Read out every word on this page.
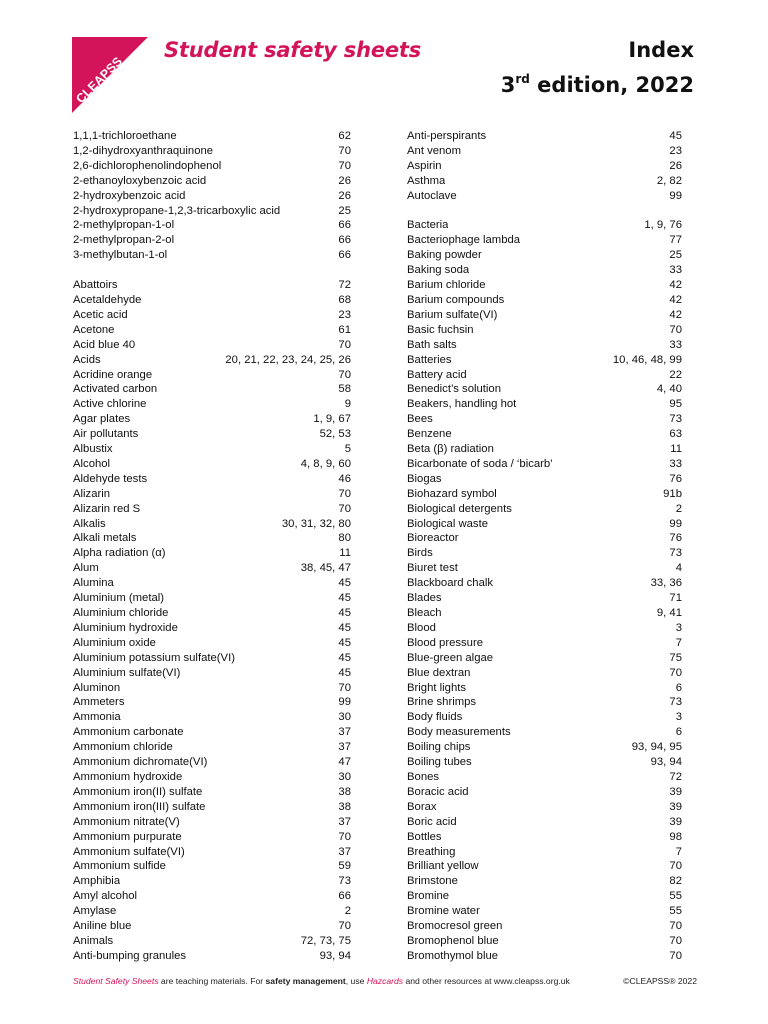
CLEAPSS
Student safety sheets	Index
3rd edition, 2022
1,1,1-trichloroethane	62
1,2-dihydroxyanthraquinone	70
2,6-dichlorophenolindophenol	70
2-ethanoyloxybenzoic acid	26
2-hydroxybenzoic acid	26
2-hydroxypropane-1,2,3-tricarboxylic acid	25
2-methylpropan-1-ol	66
2-methylpropan-2-ol	66
3-methylbutan-1-ol	66
Abattoirs	72
Acetaldehyde	68
Acetic acid	23
Acetone	61
Acid blue 40	70
Acids	20, 21, 22, 23, 24, 25, 26
Acridine orange	70
Activated carbon	58
Active chlorine	9
Agar plates	1, 9, 67
Air pollutants	52, 53
Albustix	5
Alcohol	4, 8, 9, 60
Aldehyde tests	46
Alizarin	70
Alizarin red S	70
Alkalis	30, 31, 32, 80
Alkali metals	80
Alpha radiation (α)	11
Alum	38, 45, 47
Alumina	45
Aluminium (metal)	45
Aluminium chloride	45
Aluminium hydroxide	45
Aluminium oxide	45
Aluminium potassium sulfate(VI)	45
Aluminium sulfate(VI)	45
Aluminon	70
Ammeters	99
Ammonia	30
Ammonium carbonate	37
Ammonium chloride	37
Ammonium dichromate(VI)	47
Ammonium hydroxide	30
Ammonium iron(II) sulfate	38
Ammonium iron(III) sulfate	38
Ammonium nitrate(V)	37
Ammonium purpurate	70
Ammonium sulfate(VI)	37
Ammonium sulfide	59
Amphibia	73
Amyl alcohol	66
Amylase	2
Aniline blue	70
Animals	72, 73, 75
Anti-bumping granules	93, 94
Anti-perspirants	45
Ant venom	23
Aspirin	26
Asthma	2, 82
Autoclave	99
Bacteria	1, 9, 76
Bacteriophage lambda	77
Baking powder	25
Baking soda	33
Barium chloride	42
Barium compounds	42
Barium sulfate(VI)	42
Basic fuchsin	70
Bath salts	33
Batteries	10, 46, 48, 99
Battery acid	22
Benedict’s solution	4, 40
Beakers, handling hot	95
Bees	73
Benzene	63
Beta (β) radiation	11
Bicarbonate of soda / ‘bicarb’	33
Biogas	76
Biohazard symbol	91b
Biological detergents	2
Biological waste	99
Bioreactor	76
Birds	73
Biuret test	4
Blackboard chalk	33, 36
Blades	71
Bleach	9, 41
Blood	3
Blood pressure	7
Blue-green algae	75
Blue dextran	70
Bright lights	6
Brine shrimps	73
Body fluids	3
Body measurements	6
Boiling chips	93, 94, 95
Boiling tubes	93, 94
Bones	72
Boracic acid	39
Borax	39
Boric acid	39
Bottles	98
Breathing	7
Brilliant yellow	70
Brimstone	82
Bromine	55
Bromine water	55
Bromocresol green	70
Bromophenol blue	70
Bromothymol blue	70
Student Safety Sheets are teaching materials. For safety management, use Hazcards and other resources at www.cleapss.org.uk	©CLEAPSS® 2022
